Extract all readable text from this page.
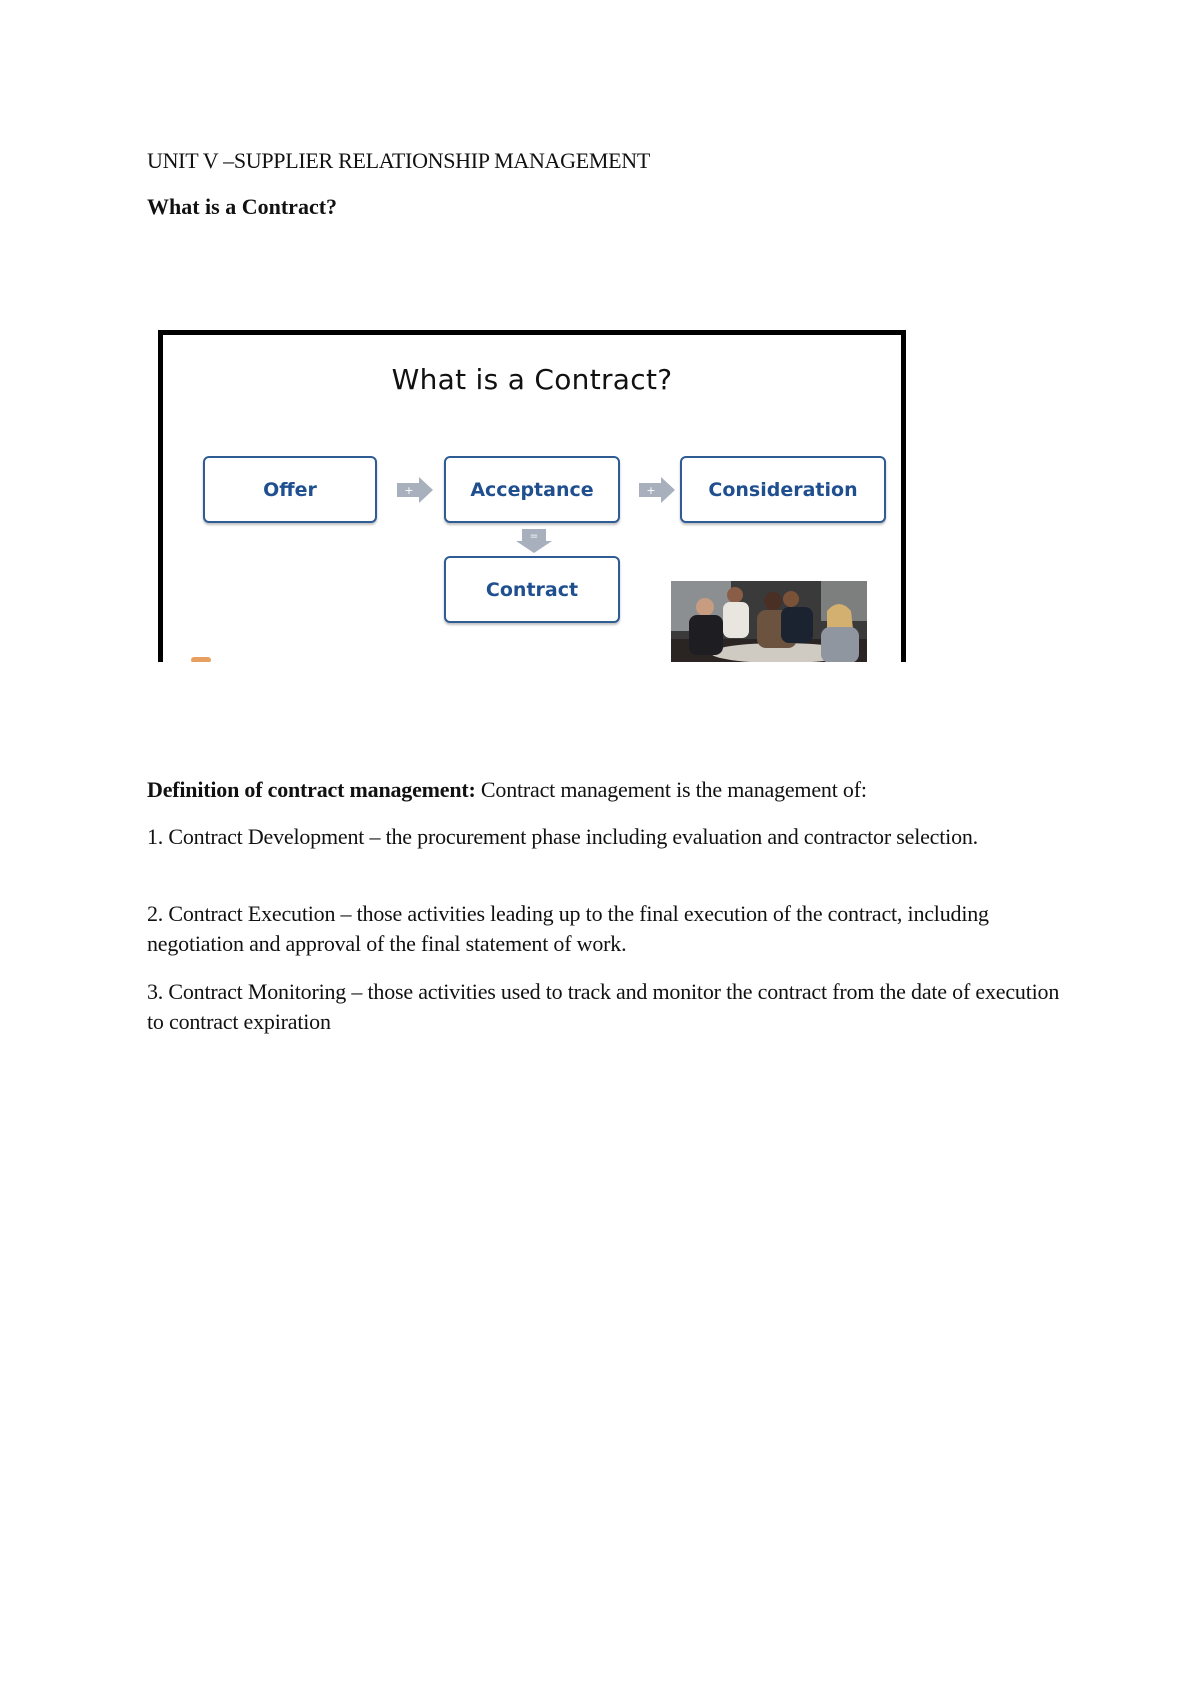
UNIT V –SUPPLIER RELATIONSHIP MANAGEMENT
What is a Contract?
What is a Contract?
Offer	+	Acceptance	+	Consideration
=
Contract
Definition of contract management: Contract management is the management of:
1. Contract Development – the procurement phase including evaluation and contractor selection.
2. Contract Execution – those activities leading up to the final execution of the contract, including negotiation and approval of the final statement of work.
3. Contract Monitoring – those activities used to track and monitor the contract from the date of execution to contract expiration
